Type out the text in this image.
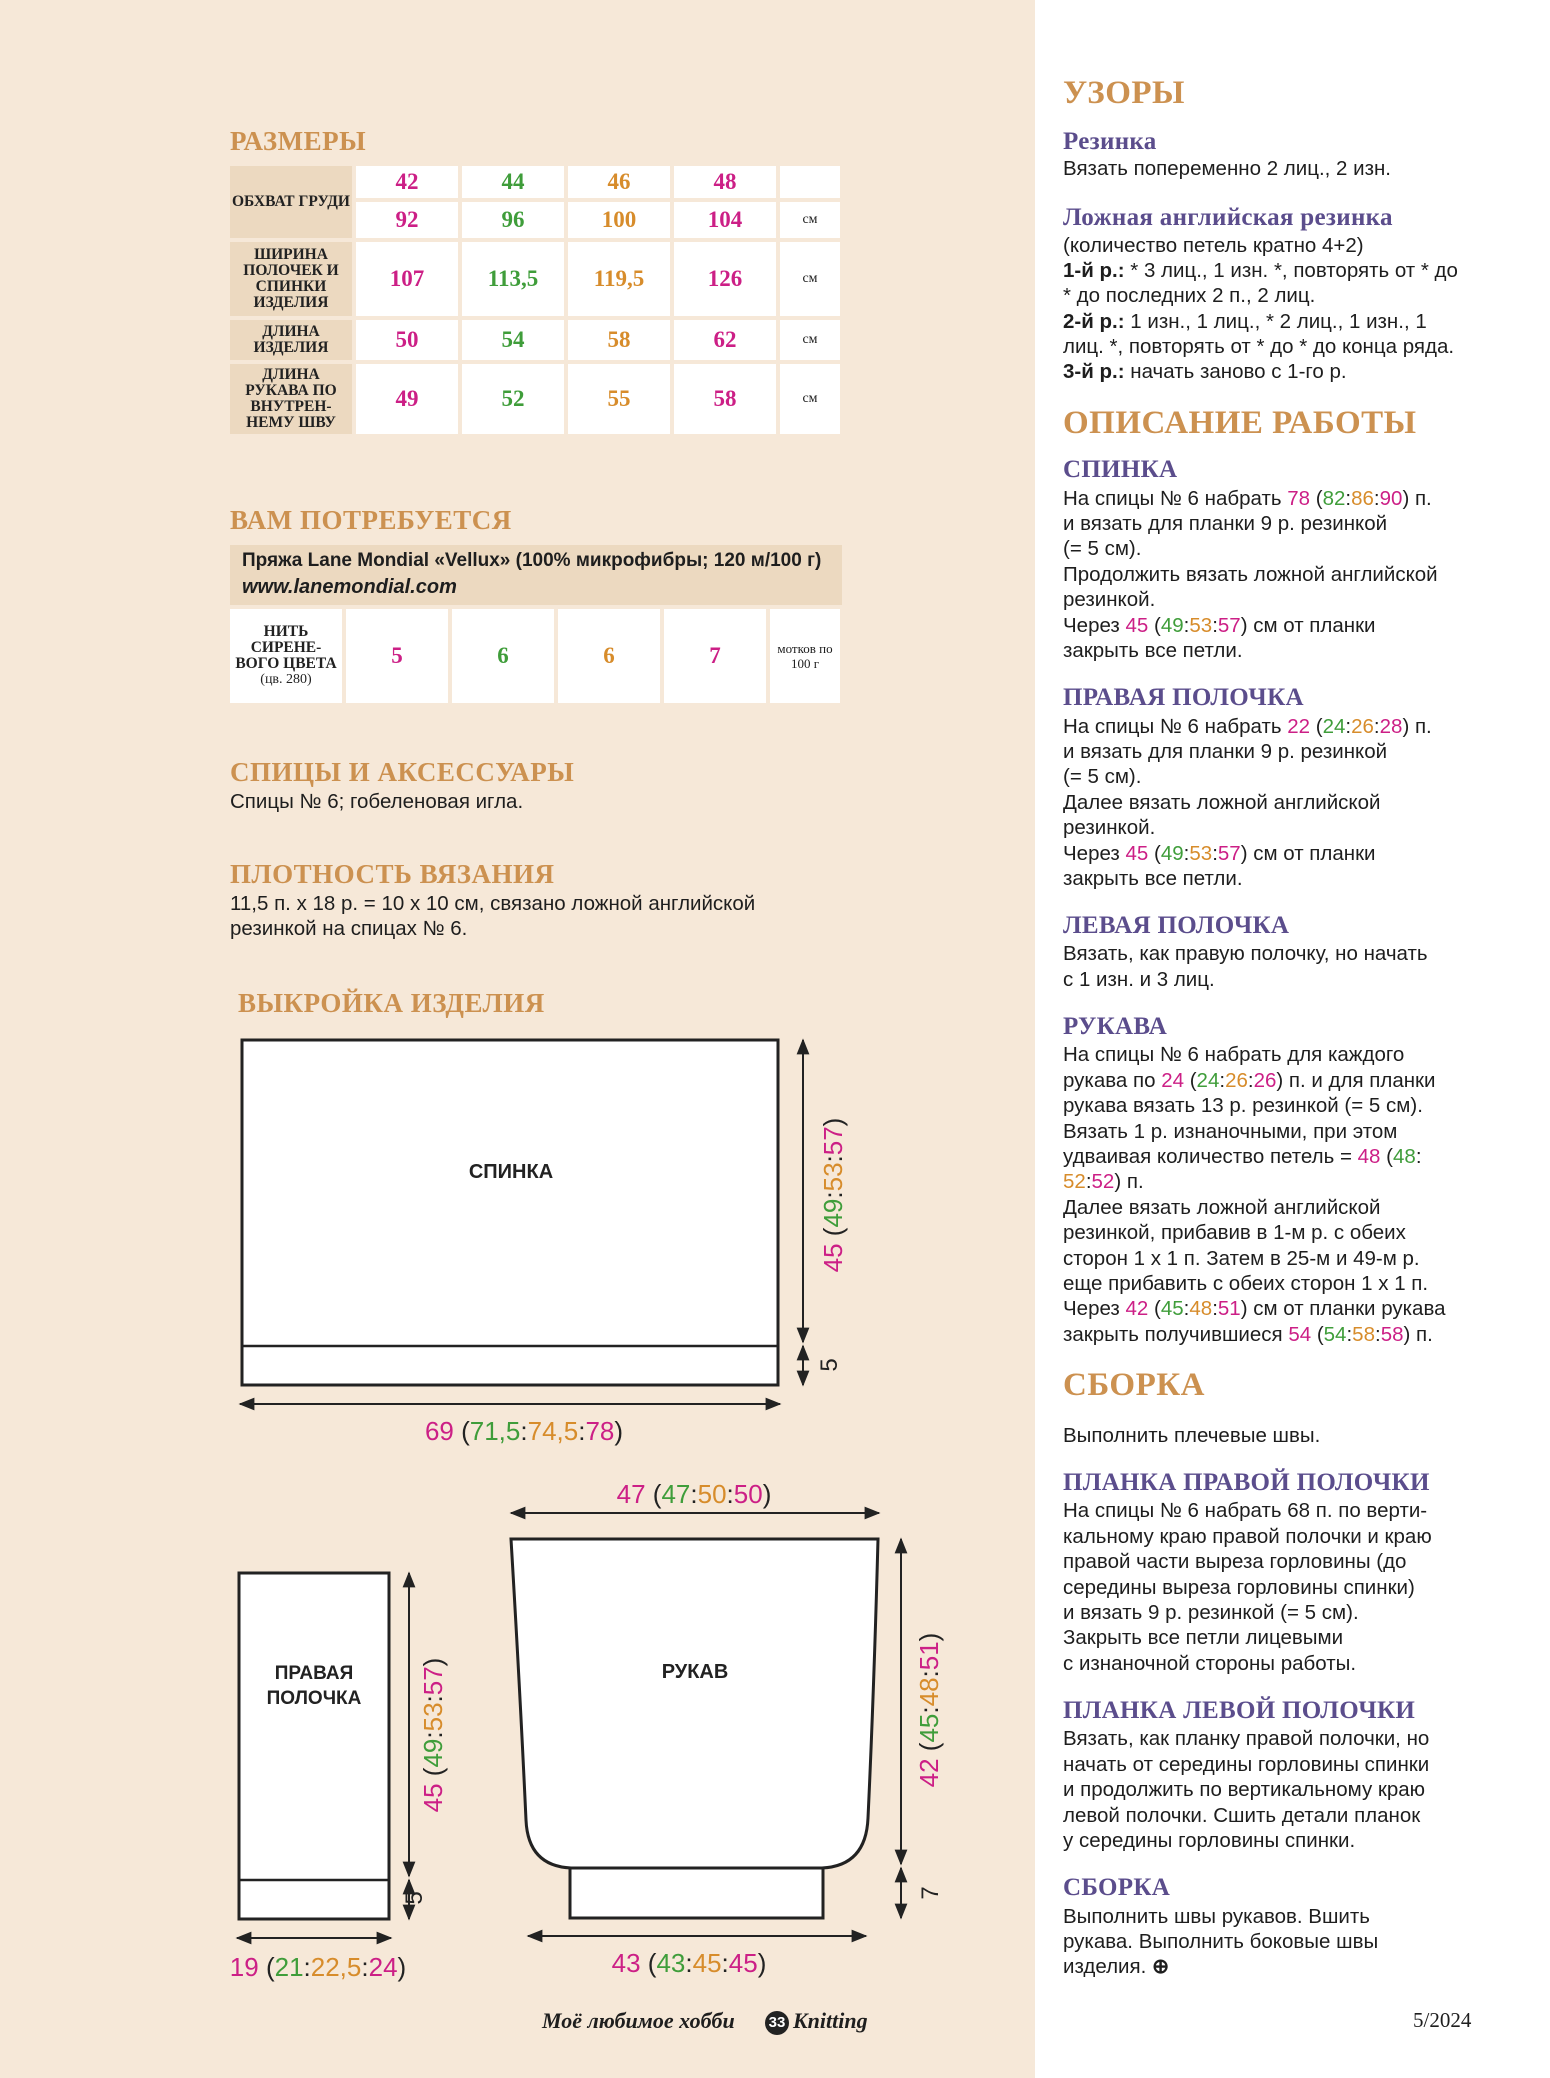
РАЗМЕРЫ
ОБХВАТ ГРУДИ	42	44	46	48	
	92	96	100	104	см
ШИРИНА ПОЛОЧЕК И СПИНКИ ИЗДЕЛИЯ	107	113,5	119,5	126	см
ДЛИНА ИЗДЕЛИЯ	50	54	58	62	см
ДЛИНА РУКАВА ПО ВНУТРЕН-НЕМУ ШВУ	49	52	55	58	см
ВАМ ПОТРЕБУЕТСЯ
Пряжа Lane Mondial «Vellux» (100% микрофибры; 120 м/100 г)
www.lanemondial.com
НИТЬ СИРЕНЕ-ВОГО ЦВЕТА
(цв. 280)
	5	6	6	7	мотков по 100 г
СПИЦЫ И АКСЕССУАРЫ
Спицы № 6; гобеленовая игла.
ПЛОТНОСТЬ ВЯЗАНИЯ
11,5 п. х 18 р. = 10 х 10 см, связано ложной английской
резинкой на спицах № 6.
ВЫКРОЙКА ИЗДЕЛИЯ
СПИНКА
45 (49:53:57)
5
69 (71,5:74,5:78)
ПРАВАЯ
ПОЛОЧКА
45 (49:53:57)
5
19 (21:22,5:24)
РУКАВ
47 (47:50:50)
43 (43:45:45)
42 (45:48:51)
7
Моё любимое хобби 33 Knitting
УЗОРЫ
Резинка
Вязать попеременно 2 лиц., 2 изн.
Ложная английская резинка
(количество петель кратно 4+2)
1-й р.: * 3 лиц., 1 изн. *, повторять от * до
* до последних 2 п., 2 лиц.
2-й р.: 1 изн., 1 лиц., * 2 лиц., 1 изн., 1
лиц. *, повторять от * до * до конца ряда.
3-й р.: начать заново с 1-го р.
ОПИСАНИЕ РАБОТЫ
СПИНКА
На спицы № 6 набрать 78 (82:86:90) п.
и вязать для планки 9 р. резинкой
(= 5 см).
Продолжить вязать ложной английской
резинкой.
Через 45 (49:53:57) см от планки
закрыть все петли.
ПРАВАЯ ПОЛОЧКА
На спицы № 6 набрать 22 (24:26:28) п.
и вязать для планки 9 р. резинкой
(= 5 см).
Далее вязать ложной английской
резинкой.
Через 45 (49:53:57) см от планки
закрыть все петли.
ЛЕВАЯ ПОЛОЧКА
Вязать, как правую полочку, но начать
с 1 изн. и 3 лиц.
РУКАВА
На спицы № 6 набрать для каждого
рукава по 24 (24:26:26) п. и для планки
рукава вязать 13 р. резинкой (= 5 см).
Вязать 1 р. изнаночными, при этом
удваивая количество петель = 48 (48:
52:52) п.
Далее вязать ложной английской
резинкой, прибавив в 1-м р. с обеих
сторон 1 х 1 п. Затем в 25-м и 49-м р.
еще прибавить с обеих сторон 1 х 1 п.
Через 42 (45:48:51) см от планки рукава
закрыть получившиеся 54 (54:58:58) п.
СБОРКА
Выполнить плечевые швы.
ПЛАНКА ПРАВОЙ ПОЛОЧКИ
На спицы № 6 набрать 68 п. по верти-
кальному краю правой полочки и краю
правой части выреза горловины (до
середины выреза горловины спинки)
и вязать 9 р. резинкой (= 5 см).
Закрыть все петли лицевыми
с изнаночной стороны работы.
ПЛАНКА ЛЕВОЙ ПОЛОЧКИ
Вязать, как планку правой полочки, но
начать от середины горловины спинки
и продолжить по вертикальному краю
левой полочки. Сшить детали планок
у середины горловины спинки.
СБОРКА
Выполнить швы рукавов. Вшить
рукава. Выполнить боковые швы
изделия. ⊕
5/2024
